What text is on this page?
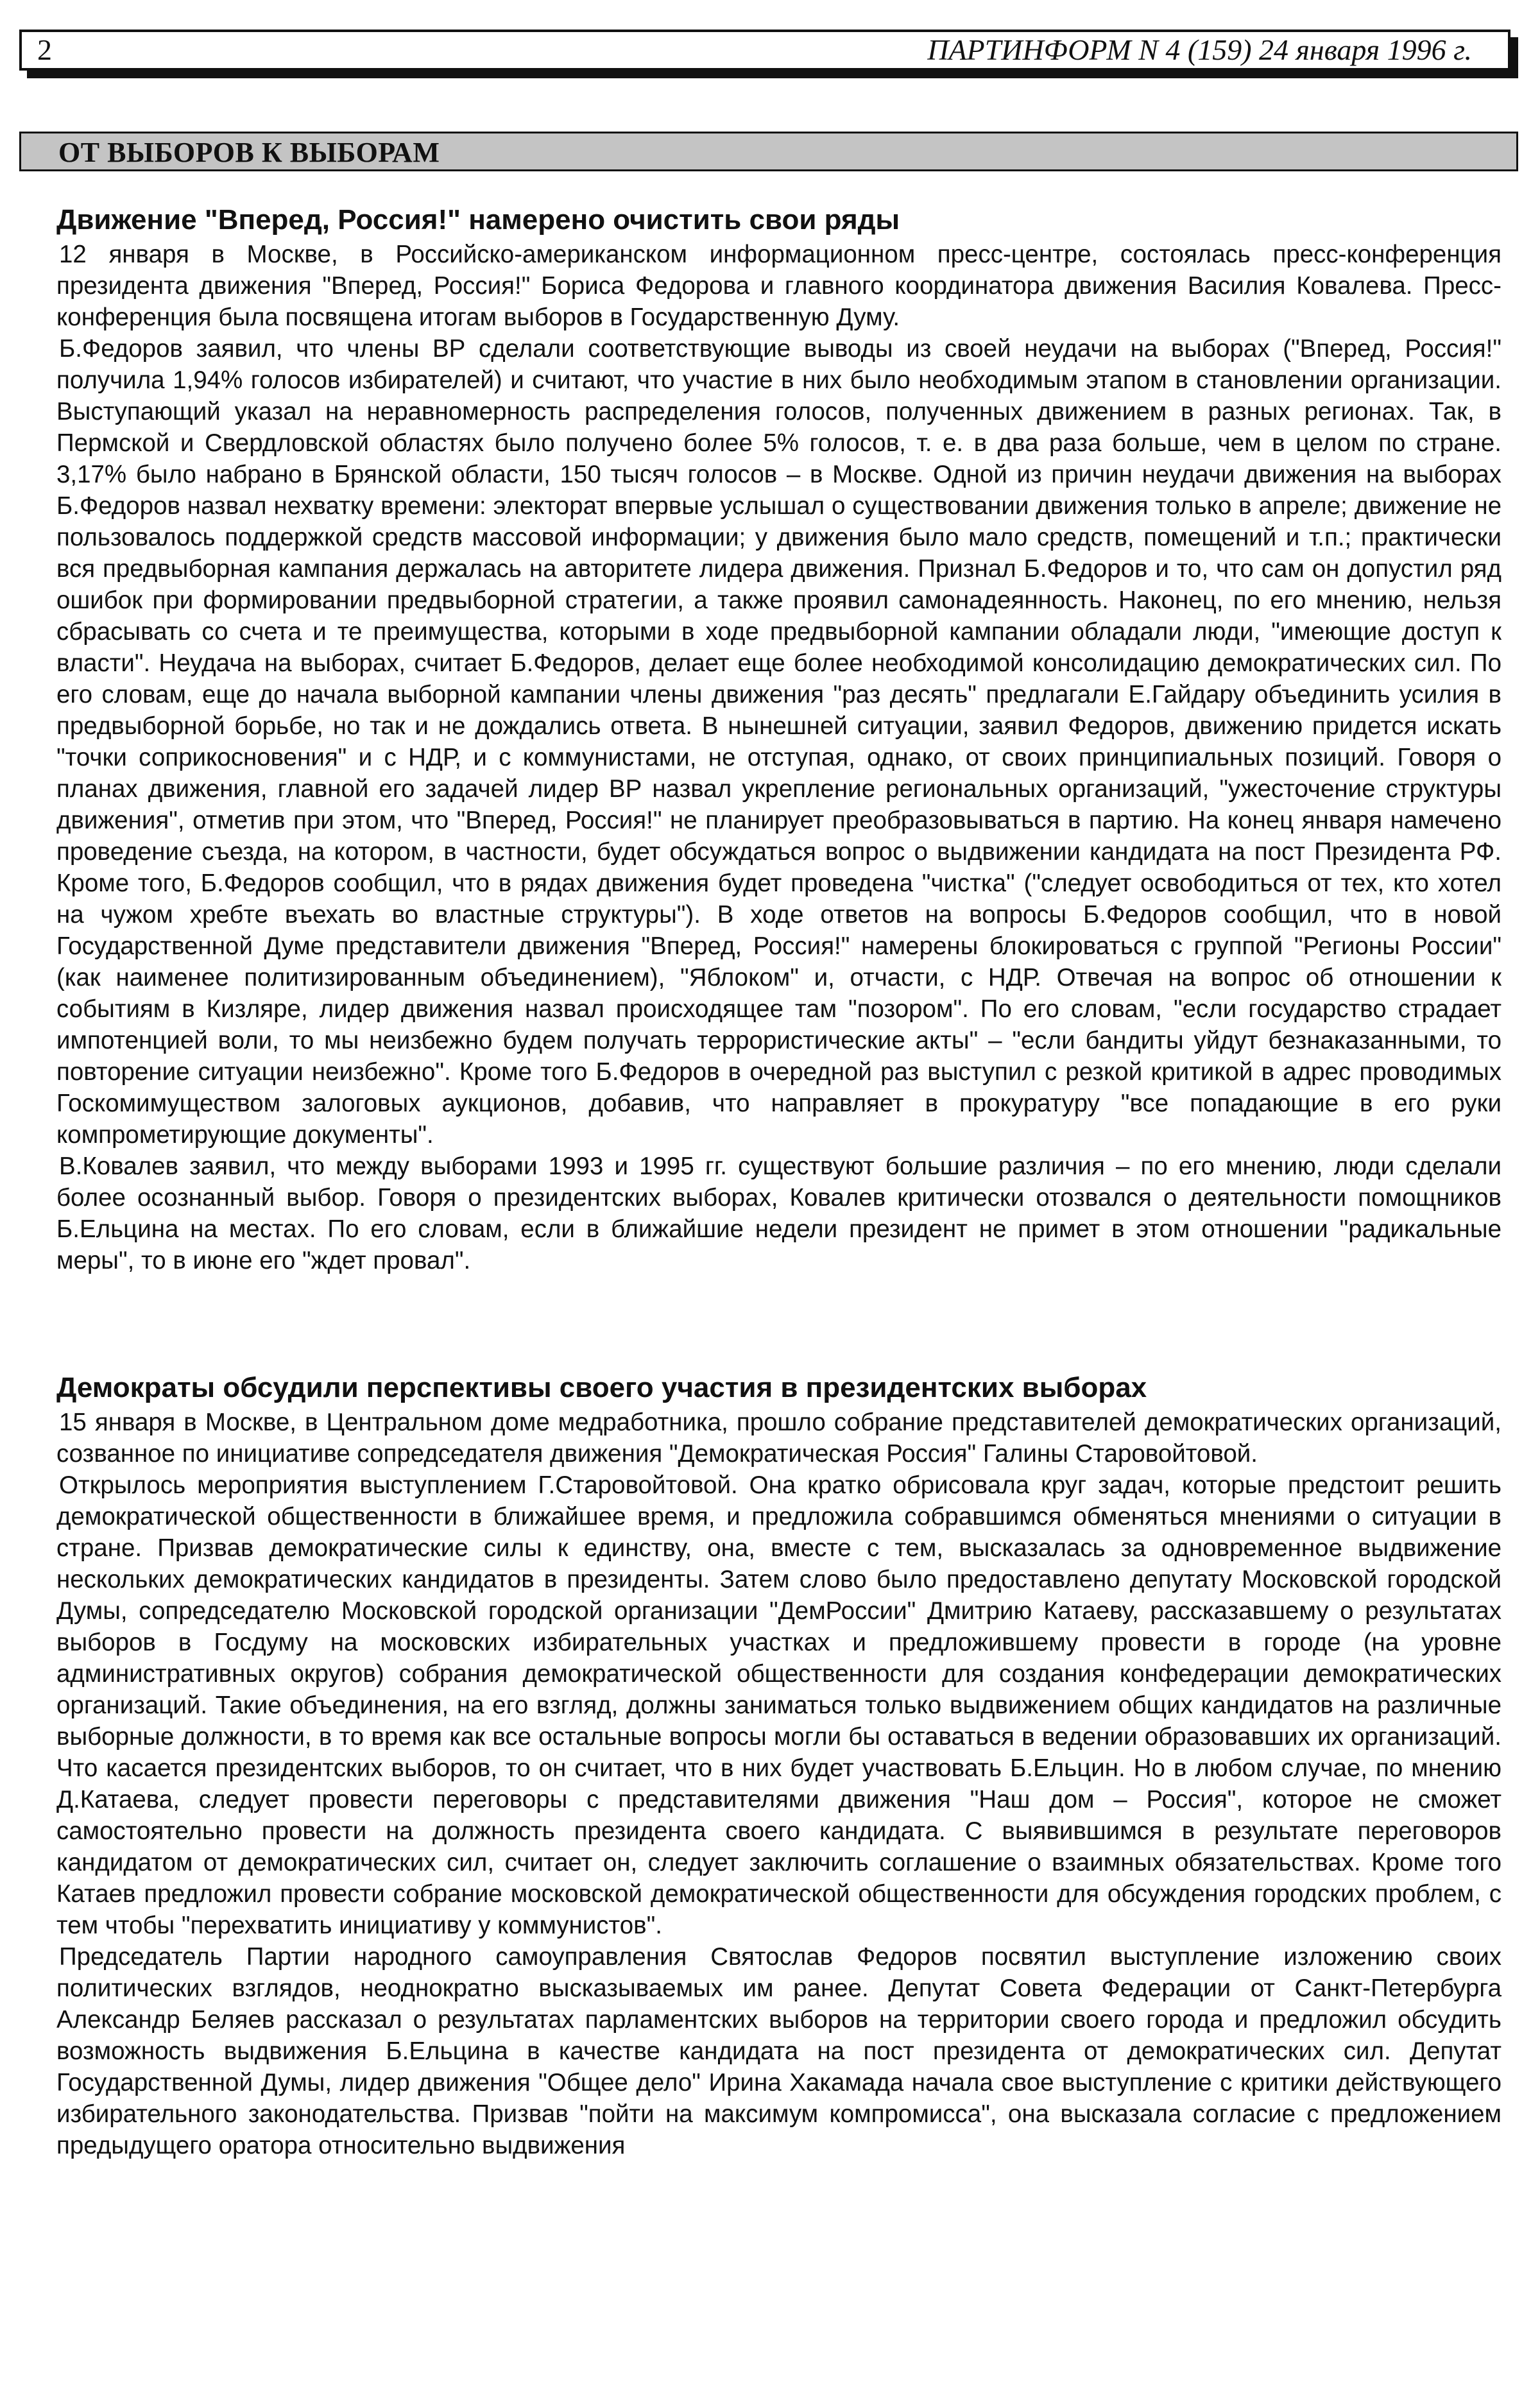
2	ПАРТИНФОРМ N 4 (159) 24 января 1996 г.
ОТ ВЫБОРОВ К ВЫБОРАМ
Движение "Вперед, Россия!" намерено очистить свои ряды

12 января в Москве, в Российско-американском информационном пресс-центре, состоялась пресс-конференция президента движения "Вперед, Россия!" Бориса Федорова и главного координатора движения Василия Ковалева. Пресс-конференция была посвящена итогам выборов в Государственную Думу.

Б.Федоров заявил, что члены ВР сделали соответствующие выводы из своей неудачи на выборах ("Вперед, Россия!" получила 1,94% голосов избирателей) и считают, что участие в них было необходимым этапом в становлении организации. Выступающий указал на неравномерность распределения голосов, полученных движением в разных регионах. Так, в Пермской и Свердловской областях было получено более 5% голосов, т. е. в два раза больше, чем в целом по стране. 3,17% было набрано в Брянской области, 150 тысяч голосов – в Москве. Одной из причин неудачи движения на выборах Б.Федоров назвал нехватку времени: электорат впервые услышал о существовании движения только в апреле; движение не пользовалось поддержкой средств массовой информации; у движения было мало средств, помещений и т.п.; практически вся предвыборная кампания держалась на авторитете лидера движения. Признал Б.Федоров и то, что сам он допустил ряд ошибок при формировании предвыборной стратегии, а также проявил самонадеянность. Наконец, по его мнению, нельзя сбрасывать со счета и те преимущества, которыми в ходе предвыборной кампании обладали люди, "имеющие доступ к власти". Неудача на выборах, считает Б.Федоров, делает еще более необходимой консолидацию демократических сил. По его словам, еще до начала выборной кампании члены движения "раз десять" предлагали Е.Гайдару объединить усилия в предвыборной борьбе, но так и не дождались ответа. В нынешней ситуации, заявил Федоров, движению придется искать "точки соприкосновения" и с НДР, и с коммунистами, не отступая, однако, от своих принципиальных позиций. Говоря о планах движения, главной его задачей лидер ВР назвал укрепление региональных организаций, "ужесточение структуры движения", отметив при этом, что "Вперед, Россия!" не планирует преобразовываться в партию. На конец января намечено проведение съезда, на котором, в частности, будет обсуждаться вопрос о выдвижении кандидата на пост Президента РФ. Кроме того, Б.Федоров сообщил, что в рядах движения будет проведена "чистка" ("следует освободиться от тех, кто хотел на чужом хребте въехать во властные структуры"). В ходе ответов на вопросы Б.Федоров сообщил, что в новой Государственной Думе представители движения "Вперед, Россия!" намерены блокироваться с группой "Регионы России" (как наименее политизированным объединением), "Яблоком" и, отчасти, с НДР. Отвечая на вопрос об отношении к событиям в Кизляре, лидер движения назвал происходящее там "позором". По его словам, "если государство страдает импотенцией воли, то мы неизбежно будем получать террористические акты" – "если бандиты уйдут безнаказанными, то повторение ситуации неизбежно". Кроме того Б.Федоров в очередной раз выступил с резкой критикой в адрес проводимых Госкомимуществом залоговых аукционов, добавив, что направляет в прокуратуру "все попадающие в его руки компрометирующие документы".

В.Ковалев заявил, что между выборами 1993 и 1995 гг. существуют большие различия – по его мнению, люди сделали более осознанный выбор. Говоря о президентских выборах, Ковалев критически отозвался о деятельности помощников Б.Ельцина на местах. По его словам, если в ближайшие недели президент не примет в этом отношении "радикальные меры", то в июне его "ждет провал".

Демократы обсудили перспективы своего участия в президентских выборах

15 января в Москве, в Центральном доме медработника, прошло собрание представителей демократических организаций, созванное по инициативе сопредседателя движения "Демократическая Россия" Галины Старовойтовой.

Открылось мероприятия выступлением Г.Старовойтовой. Она кратко обрисовала круг задач, которые предстоит решить демократической общественности в ближайшее время, и предложила собравшимся обменяться мнениями о ситуации в стране. Призвав демократические силы к единству, она, вместе с тем, высказалась за одновременное выдвижение нескольких демократических кандидатов в президенты. Затем слово было предоставлено депутату Московской городской Думы, сопредседателю Московской городской организации "ДемРоссии" Дмитрию Катаеву, рассказавшему о результатах выборов в Госдуму на московских избирательных участках и предложившему провести в городе (на уровне административных округов) собрания демократической общественности для создания конфедерации демократических организаций. Такие объединения, на его взгляд, должны заниматься только выдвижением общих кандидатов на различные выборные должности, в то время как все остальные вопросы могли бы оставаться в ведении образовавших их организаций. Что касается президентских выборов, то он считает, что в них будет участвовать Б.Ельцин. Но в любом случае, по мнению Д.Катаева, следует провести переговоры с представителями движения "Наш дом – Россия", которое не сможет самостоятельно провести на должность президента своего кандидата. С выявившимся в результате переговоров кандидатом от демократических сил, считает он, следует заключить соглашение о взаимных обязательствах. Кроме того Катаев предложил провести собрание московской демократической общественности для обсуждения городских проблем, с тем чтобы "перехватить инициативу у коммунистов".

Председатель Партии народного самоуправления Святослав Федоров посвятил выступление изложению своих политических взглядов, неоднократно высказываемых им ранее. Депутат Совета Федерации от Санкт-Петербурга Александр Беляев рассказал о результатах парламентских выборов на территории своего города и предложил обсудить возможность выдвижения Б.Ельцина в качестве кандидата на пост президента от демократических сил. Депутат Государственной Думы, лидер движения "Общее дело" Ирина Хакамада начала свое выступление с критики действующего избирательного законодательства. Призвав "пойти на максимум компромисса", она высказала согласие с предложением предыдущего оратора относительно выдвижения
